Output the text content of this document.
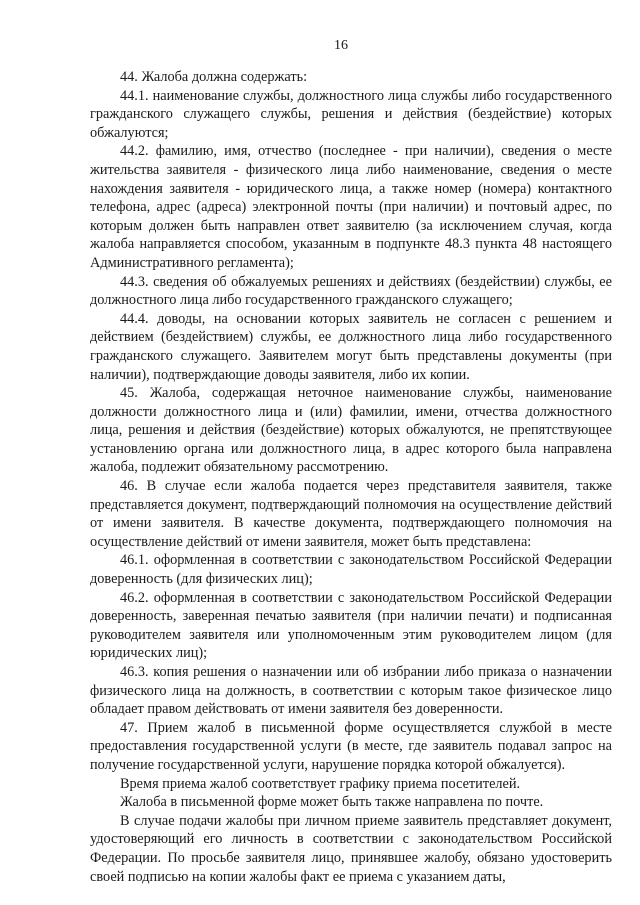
16

44. Жалоба должна содержать:

44.1. наименование службы, должностного лица службы либо государственного гражданского служащего службы, решения и действия (бездействие) которых обжалуются;

44.2. фамилию, имя, отчество (последнее - при наличии), сведения о месте жительства заявителя - физического лица либо наименование, сведения о месте нахождения заявителя - юридического лица, а также номер (номера) контактного телефона, адрес (адреса) электронной почты (при наличии) и почтовый адрес, по которым должен быть направлен ответ заявителю (за исключением случая, когда жалоба направляется способом, указанным в подпункте 48.3 пункта 48 настоящего Административного регламента);

44.3. сведения об обжалуемых решениях и действиях (бездействии) службы, ее должностного лица либо государственного гражданского служащего;

44.4. доводы, на основании которых заявитель не согласен с решением и действием (бездействием) службы, ее должностного лица либо государственного гражданского служащего. Заявителем могут быть представлены документы (при наличии), подтверждающие доводы заявителя, либо их копии.

45. Жалоба, содержащая неточное наименование службы, наименование должности должностного лица и (или) фамилии, имени, отчества должностного лица, решения и действия (бездействие) которых обжалуются, не препятствующее установлению органа или должностного лица, в адрес которого была направлена жалоба, подлежит обязательному рассмотрению.

46. В случае если жалоба подается через представителя заявителя, также представляется документ, подтверждающий полномочия на осуществление действий от имени заявителя. В качестве документа, подтверждающего полномочия на осуществление действий от имени заявителя, может быть представлена:

46.1. оформленная в соответствии с законодательством Российской Федерации доверенность (для физических лиц);

46.2. оформленная в соответствии с законодательством Российской Федерации доверенность, заверенная печатью заявителя (при наличии печати) и подписанная руководителем заявителя или уполномоченным этим руководителем лицом (для юридических лиц);

46.3. копия решения о назначении или об избрании либо приказа о назначении физического лица на должность, в соответствии с которым такое физическое лицо обладает правом действовать от имени заявителя без доверенности.

47. Прием жалоб в письменной форме осуществляется службой в месте предоставления государственной услуги (в месте, где заявитель подавал запрос на получение государственной услуги, нарушение порядка которой обжалуется).

Время приема жалоб соответствует графику приема посетителей.

Жалоба в письменной форме может быть также направлена по почте.

В случае подачи жалобы при личном приеме заявитель представляет документ, удостоверяющий его личность в соответствии с законодательством Российской Федерации. По просьбе заявителя лицо, принявшее жалобу, обязано удостоверить своей подписью на копии жалобы факт ее приема с указанием даты,
